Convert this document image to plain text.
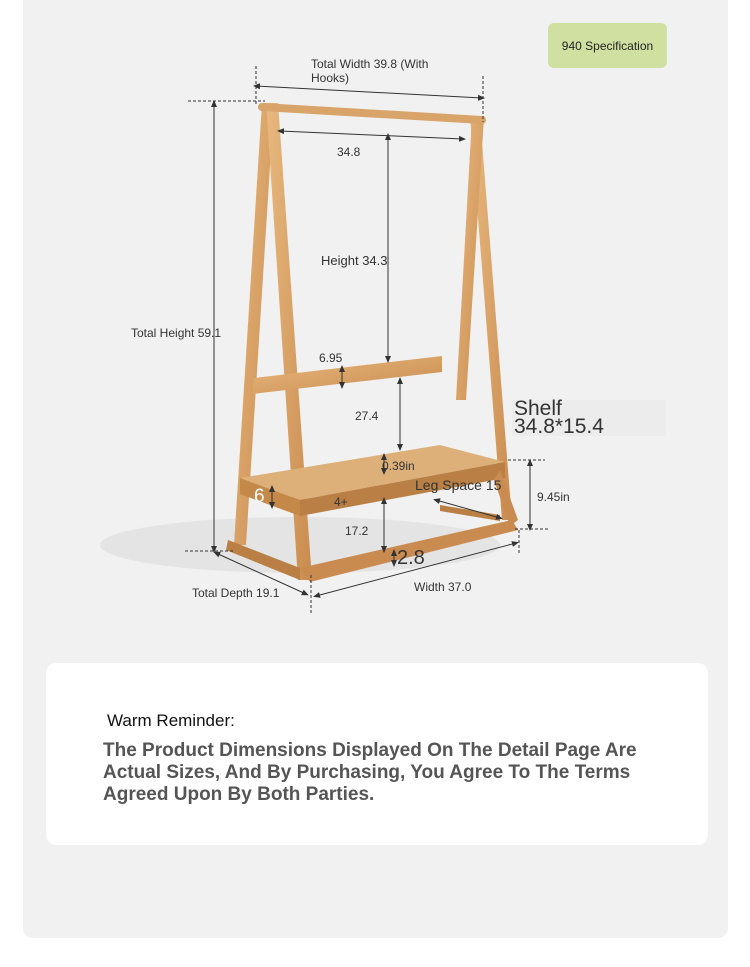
940 Specification
Total Width 39.8 (With
Hooks)
34.8
Height 34.3
Total Height 59.1
6.95
27.4	Shelf
34.8*15.4
0.39in
Leg Space 15
9.45in
6	4+
17.2
2.8
Total Depth 19.1	Width 37.0
Warm Reminder:
The Product Dimensions Displayed On The Detail Page Are Actual Sizes, And By Purchasing, You Agree To The Terms Agreed Upon By Both Parties.
